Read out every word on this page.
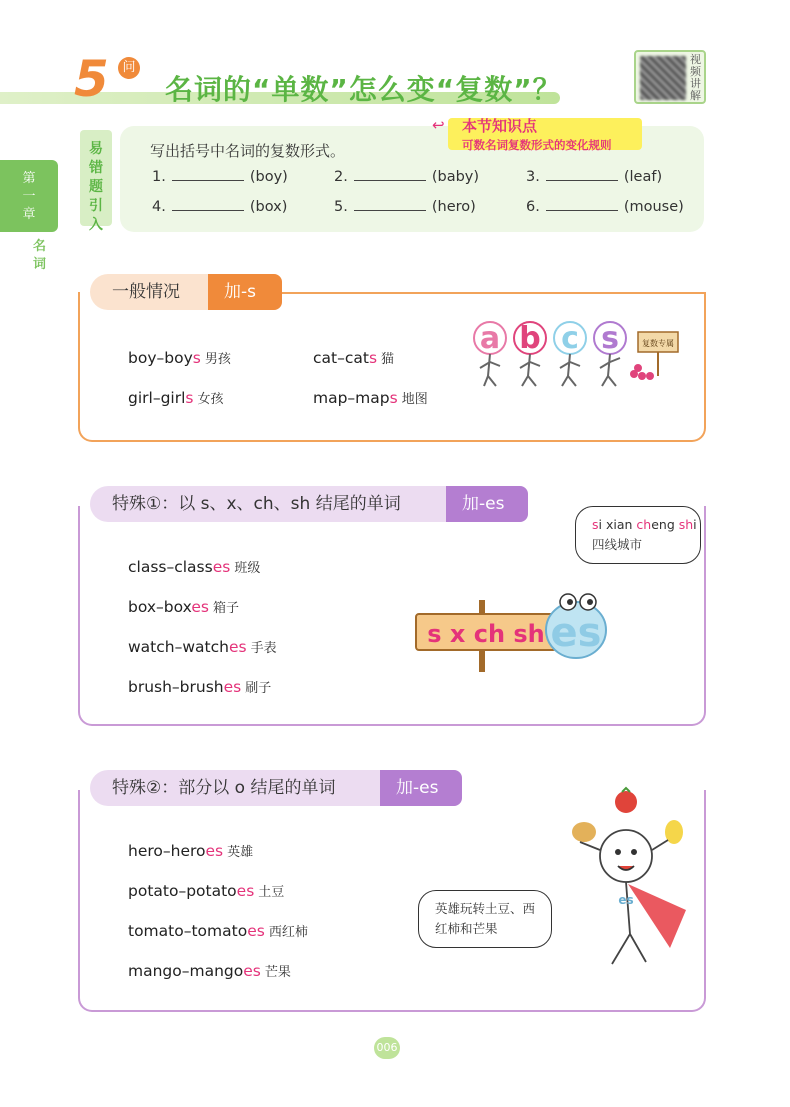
5	问
名词的“单数”怎么变“复数”？
视频讲解
第
一
章
名词
写出括号中名词的复数形式。
易
错
题
引
入
↩ 本节知识点
可数名词复数形式的变化规则
1.	(boy)	2.	(baby)	3.	(leaf)
4.	(box)	5.	(hero)	6.	(mouse)
一般情况	加-s
boy–boys 男孩	cat–cats 猫
girl–girls 女孩	map–maps 地图
a b c s	复数专属
特殊①：以 s、x、ch、sh 结尾的单词	加-es
class–classes 班级
box–boxes 箱子
watch–watches 手表
brush–brushes 刷子
si xian cheng shi
四线城市
s x ch sh es
特殊②：部分以 o 结尾的单词	加-es
hero–heroes 英雄
potato–potatoes 土豆
tomato–tomatoes 西红柿
mango–mangoes 芒果
英雄玩转土豆、西
红柿和芒果
es
006
